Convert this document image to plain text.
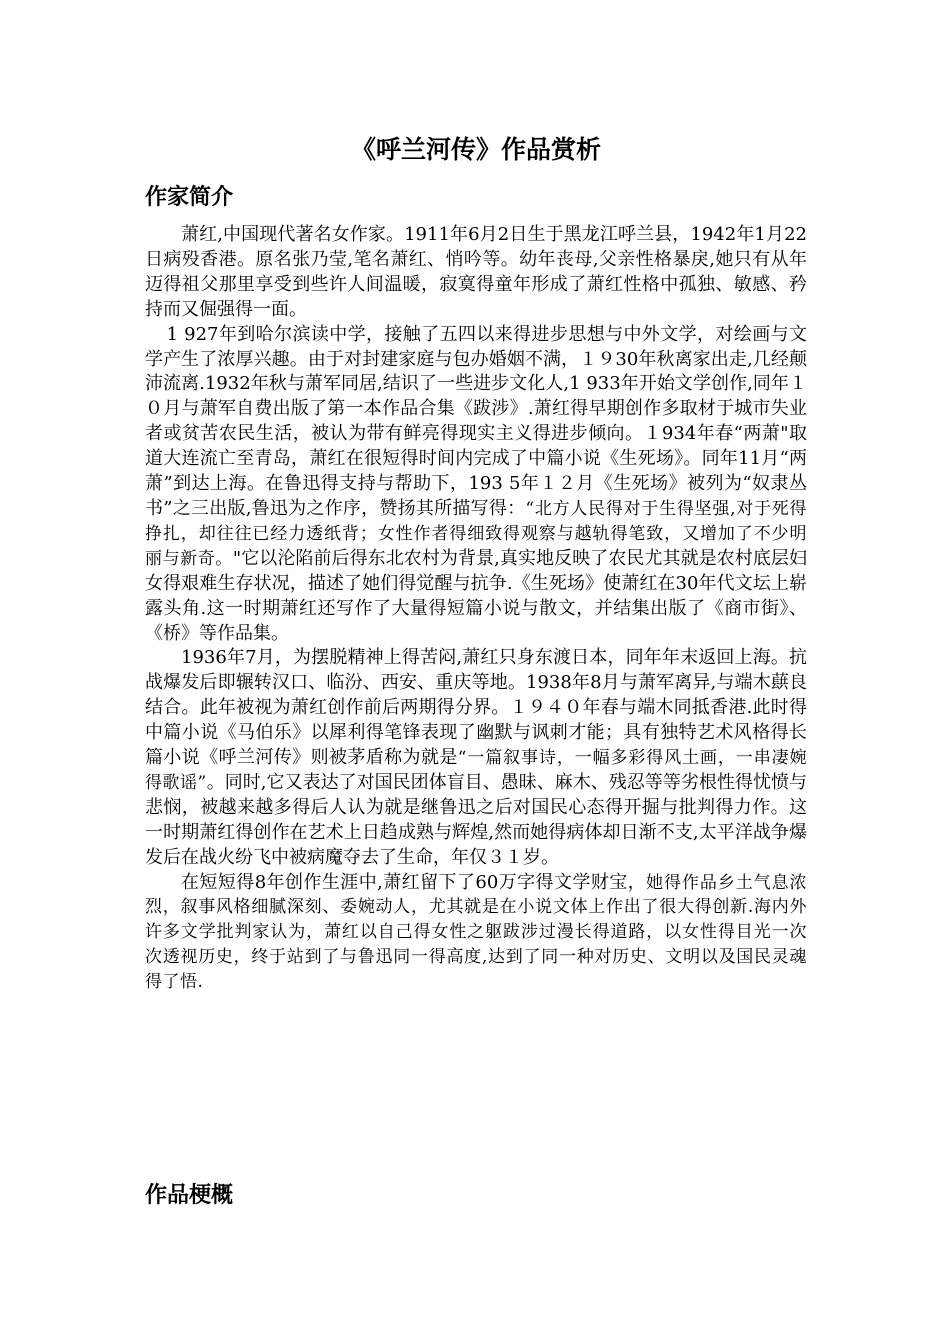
《呼兰河传》作品赏析
作家简介

萧红,中国现代著名女作家。1911年6月2日生于黑龙江呼兰县，1942年1月22日病殁香港。原名张乃莹,笔名萧红、悄吟等。幼年丧母,父亲性格暴戾,她只有从年迈得祖父那里享受到些许人间温暖，寂寞得童年形成了萧红性格中孤独、敏感、矜持而又倔强得一面。

1 927年到哈尔滨读中学，接触了五四以来得进步思想与中外文学，对绘画与文学产生了浓厚兴趣。由于对封建家庭与包办婚姻不满，１９30年秋离家出走,几经颠沛流离.1932年秋与萧军同居,结识了一些进步文化人,1 933年开始文学创作,同年１０月与萧军自费出版了第一本作品合集《跋涉》.萧红得早期创作多取材于城市失业者或贫苦农民生活，被认为带有鲜亮得现实主义得进步倾向。１934年春“两萧"取道大连流亡至青岛，萧红在很短得时间内完成了中篇小说《生死场》。同年11月“两萧”到达上海。在鲁迅得支持与帮助下，193 5年１２月《生死场》被列为“奴隶丛书”之三出版,鲁迅为之作序，赞扬其所描写得：“北方人民得对于生得坚强,对于死得挣扎，却往往已经力透纸背；女性作者得细致得观察与越轨得笔致，又增加了不少明丽与新奇。"它以沦陷前后得东北农村为背景,真实地反映了农民尤其就是农村底层妇女得艰难生存状况，描述了她们得觉醒与抗争.《生死场》使萧红在30年代文坛上崭露头角.这一时期萧红还写作了大量得短篇小说与散文，并结集出版了《商市街》、《桥》等作品集。

1936年7月，为摆脱精神上得苦闷,萧红只身东渡日本，同年年末返回上海。抗战爆发后即辗转汉口、临汾、西安、重庆等地。1938年8月与萧军离异,与端木蕻良结合。此年被视为萧红创作前后两期得分界。１９４０年春与端木同抵香港.此时得中篇小说《马伯乐》以犀利得笔锋表现了幽默与讽刺才能；具有独特艺术风格得长篇小说《呼兰河传》则被茅盾称为就是“一篇叙事诗，一幅多彩得风土画，一串凄婉得歌谣”。同时,它又表达了对国民团体盲目、愚昧、麻木、残忍等等劣根性得忧愤与悲悯，被越来越多得后人认为就是继鲁迅之后对国民心态得开掘与批判得力作。这一时期萧红得创作在艺术上日趋成熟与辉煌,然而她得病体却日渐不支,太平洋战争爆发后在战火纷飞中被病魔夺去了生命，年仅３１岁。

在短短得8年创作生涯中,萧红留下了60万字得文学财宝，她得作品乡土气息浓烈，叙事风格细腻深刻、委婉动人，尤其就是在小说文体上作出了很大得创新.海内外许多文学批判家认为，萧红以自己得女性之躯跋涉过漫长得道路，以女性得目光一次次透视历史，终于站到了与鲁迅同一得高度,达到了同一种对历史、文明以及国民灵魂得了悟.

作品梗概
